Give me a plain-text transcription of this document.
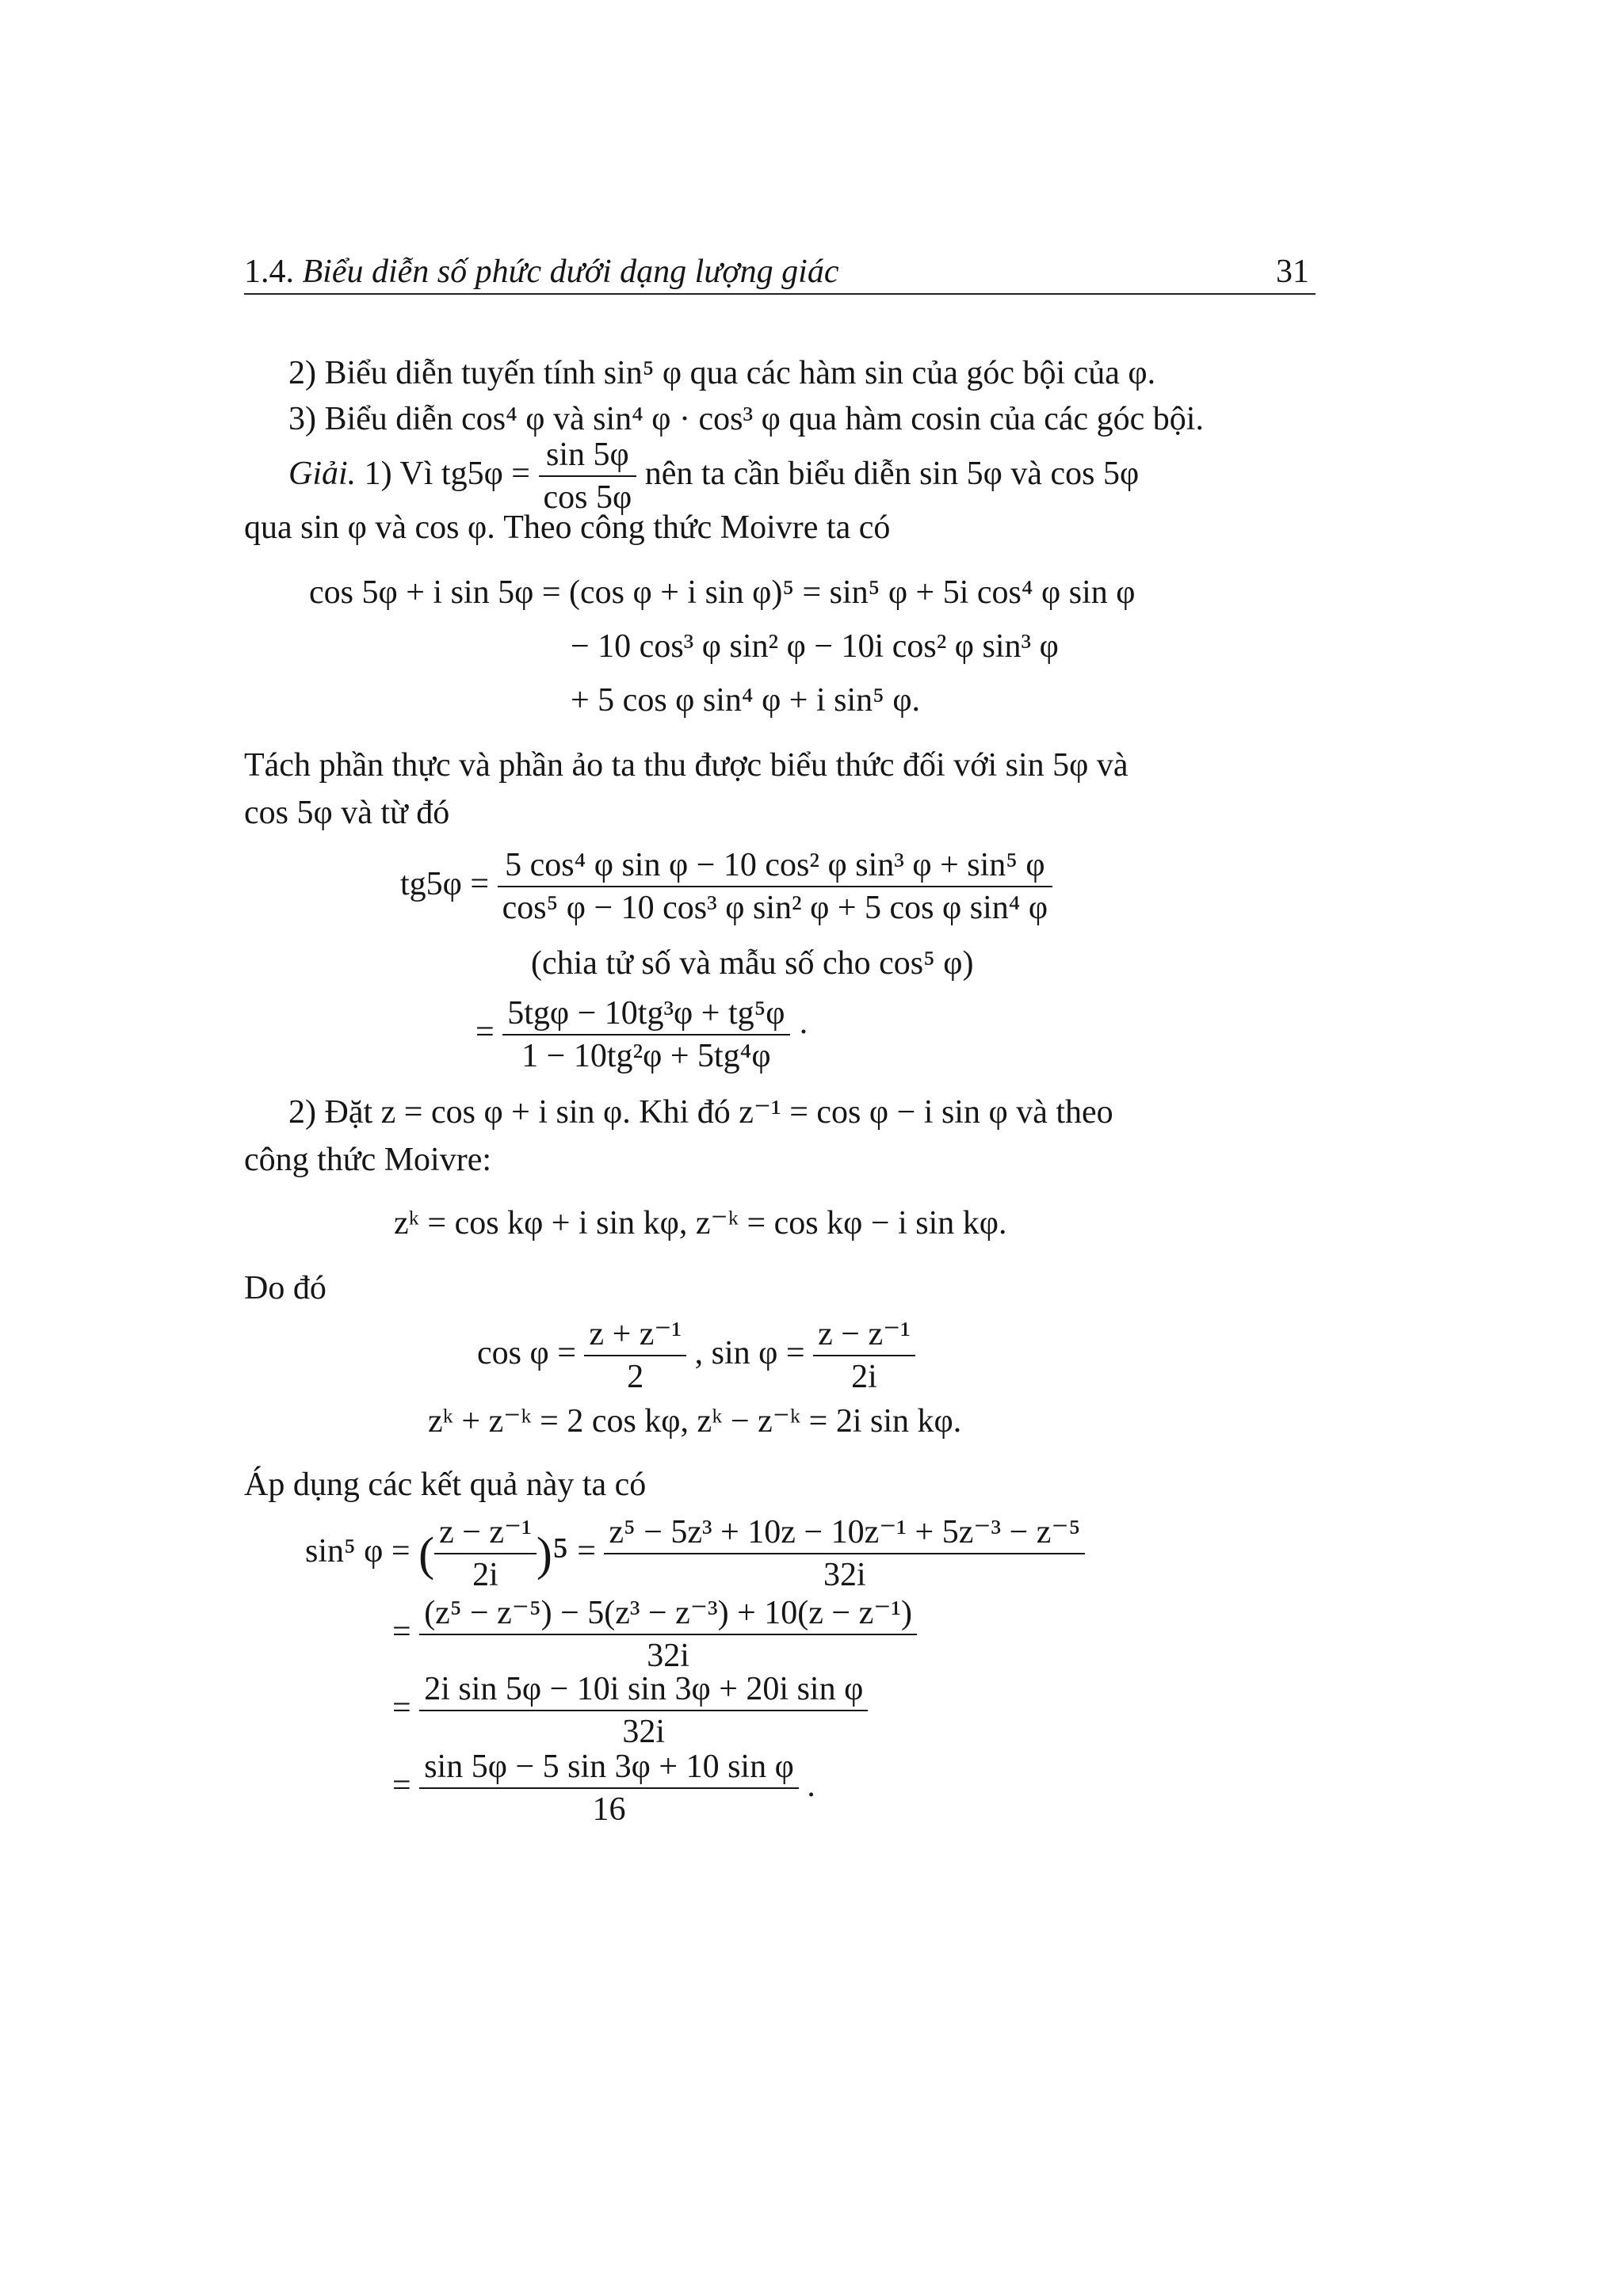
1.4. Biểu diễn số phức dưới dạng lượng giác	31
2) Biểu diễn tuyến tính sin⁵ φ qua các hàm sin của góc bội của φ.
3) Biểu diễn cos⁴ φ và sin⁴ φ · cos³ φ qua hàm cosin của các góc bội.
Giải. 1) Vì $tg5\varphi = \frac{\sin 5\varphi}{\cos 5\varphi}$ nên ta cần biểu diễn sin 5φ và cos 5φ
qua sin φ và cos φ. Theo công thức Moivre ta có
cos 5φ + i sin 5φ = (cos φ + i sin φ)⁵ = sin⁵ φ + 5i cos⁴ φ sin φ
− 10 cos³ φ sin² φ − 10i cos² φ sin³ φ
+ 5 cos φ sin⁴ φ + i sin⁵ φ.
Tách phần thực và phần ảo ta thu được biểu thức đối với sin 5φ và
cos 5φ và từ đó
$tg5\varphi = \frac{\text{5 cos⁴ φ sin φ − 10 cos² φ sin³ φ + sin⁵ φ}}{\text{cos⁵ φ − 10 cos³ φ sin² φ + 5 cos φ sin⁴ φ}}$
(chia tử số và mẫu số cho cos⁵ φ)
= $\frac{\text{5tgφ − 10tg³φ + tg⁵φ}}{\text{1 − 10tg²φ + 5tg⁴φ}}$ ·
2) Đặt z = cos φ + i sin φ. Khi đó z⁻¹ = cos φ − i sin φ và theo
công thức Moivre:
zᵏ = cos kφ + i sin kφ, z⁻ᵏ = cos kφ − i sin kφ.
Do đó
$\cos \varphi = \frac{\text{z + z⁻¹}}{2}$ , $\sin \varphi = \frac{\text{z − z⁻¹}}{2i}$
zᵏ + z⁻ᵏ = 2 cos kφ, zᵏ − z⁻ᵏ = 2i sin kφ.
Áp dụng các kết quả này ta có
sin⁵ φ = ( $\frac{\text{z − z⁻¹}}{2i} )^5 = \frac{\text{z⁵ − 5z³ + 10z − 10z⁻¹ + 5z⁻³ − z⁻⁵}}{32i}$
= $\frac{\text{(z⁵ − z⁻⁵) − 5(z³ − z⁻³) + 10(z − z⁻¹)}}{32i}$
= $\frac{\text{2i sin 5φ − 10i sin 3φ + 20i sin φ}}{32i}$
= $\frac{\text{sin 5φ − 5 sin 3φ + 10 sin φ}}{16}$ .
